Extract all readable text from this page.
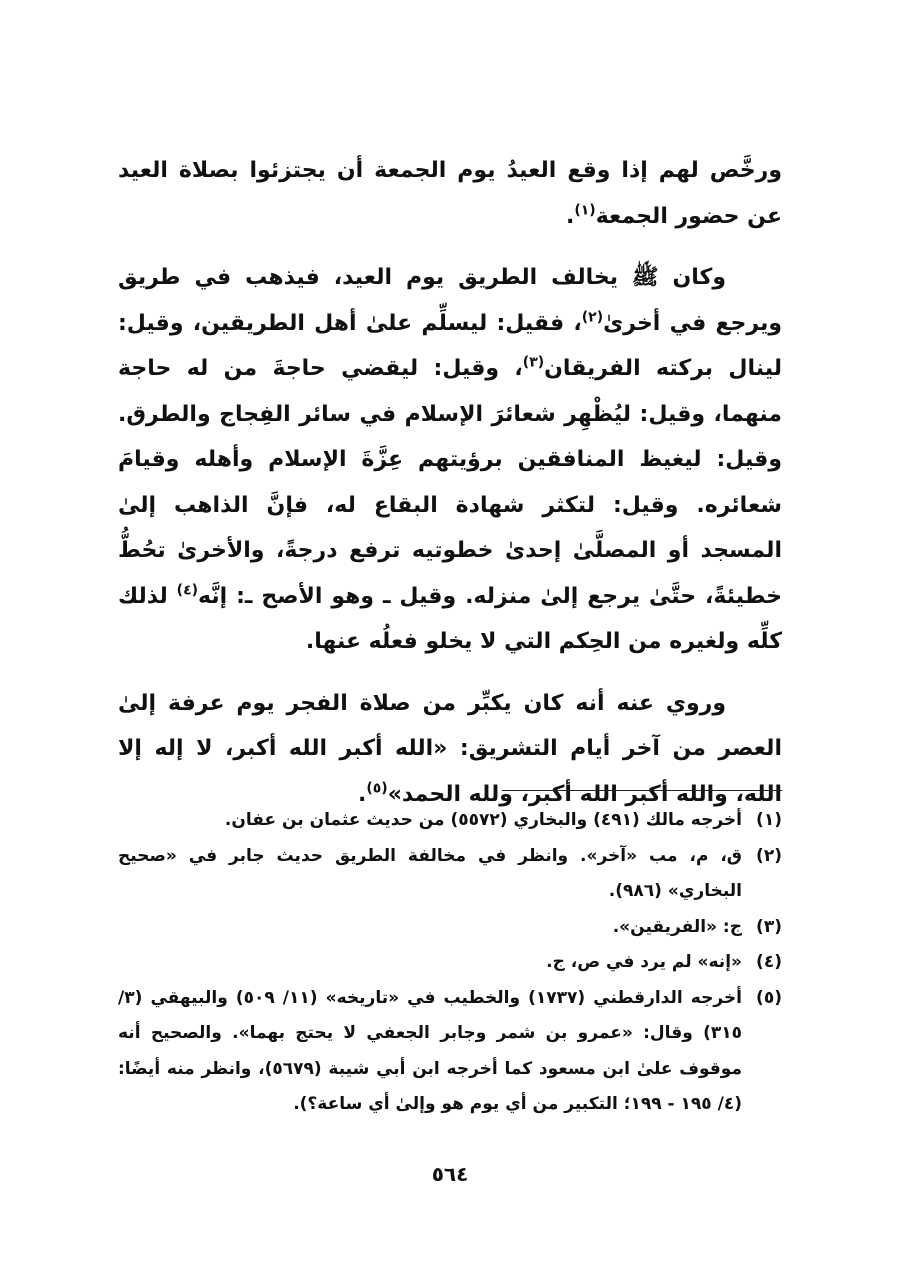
ورخَّص لهم إذا وقع العيدُ يوم الجمعة أن يجتزئوا بصلاة العيد عن حضور الجمعة$^{(١)}$.

وكان ﷺ يخالف الطريق يوم العيد، فيذهب في طريق ويرجع في أخرىٰ$^{(٢)}$، فقيل: ليسلِّم علىٰ أهل الطريقين، وقيل: لينال بركته الفريقان$^{(٣)}$، وقيل: ليقضي حاجةَ من له حاجة منهما، وقيل: ليُظْهِر شعائرَ الإسلام في سائر الفِجاج والطرق. وقيل: ليغيظ المنافقين برؤيتهم عِزَّةَ الإسلام وأهله وقيامَ شعائره. وقيل: لتكثر شهادة البقاع له، فإنَّ الذاهب إلىٰ المسجد أو المصلَّىٰ إحدىٰ خطوتيه ترفع درجةً، والأخرىٰ تحُطُّ خطيئةً، حتَّىٰ يرجع إلىٰ منزله. وقيل ـ وهو الأصح ـ: إنَّه$^{(٤)}$ لذلك كلِّه ولغيره من الحِكم التي لا يخلو فعلُه عنها.

وروي عنه أنه كان يكبِّر من صلاة الفجر يوم عرفة إلىٰ العصر من آخر أيام التشريق: «الله أكبر الله أكبر، لا إله إلا الله، والله أكبر الله أكبر، ولله الحمد»$^{(٥)}$.

(١)
أخرجه مالك (٤٩١) والبخاري (٥٥٧٢) من حديث عثمان بن عفان.
(٢)
ق، م، مب «آخر». وانظر في مخالفة الطريق حديث جابر في «صحيح البخاري» (٩٨٦).
(٣)
ج: «الفريقين».
(٤)
«إنه» لم يرد في ص، ج.
(٥)
أخرجه الدارقطني (١٧٣٧) والخطيب في «تاريخه» (١١/ ٥٠٩) والبيهقي (٣/ ٣١٥) وقال: «عمرو بن شمر وجابر الجعفي لا يحتج بهما». والصحيح أنه موقوف علىٰ ابن مسعود كما أخرجه ابن أبي شيبة (٥٦٧٩)، وانظر منه أيضًا: (٤/ ١٩٥ - ١٩٩؛ التكبير من أي يوم هو وإلىٰ أي ساعة؟).
٥٦٤
